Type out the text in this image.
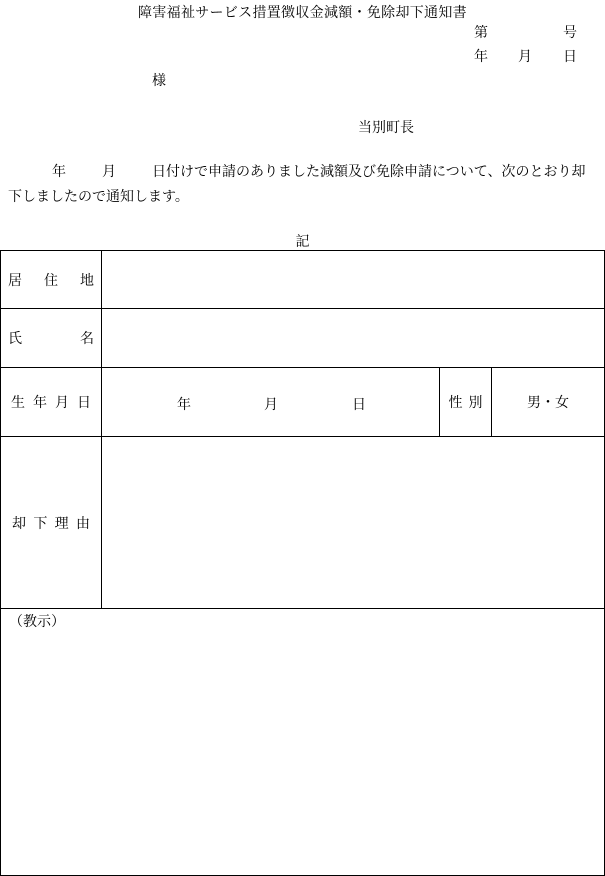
障害福祉サービス措置徴収金減額・免除却下通知書
第	号
年 月 日
様
当別町長
年	月	日付けで申請のありました減額及び免除申請について、次のとおり却下しましたので通知します。
記
居 住 地
氏	名
生 年 月 日	年	月	日	性 別	男・女
却 下 理 由
（教示）
